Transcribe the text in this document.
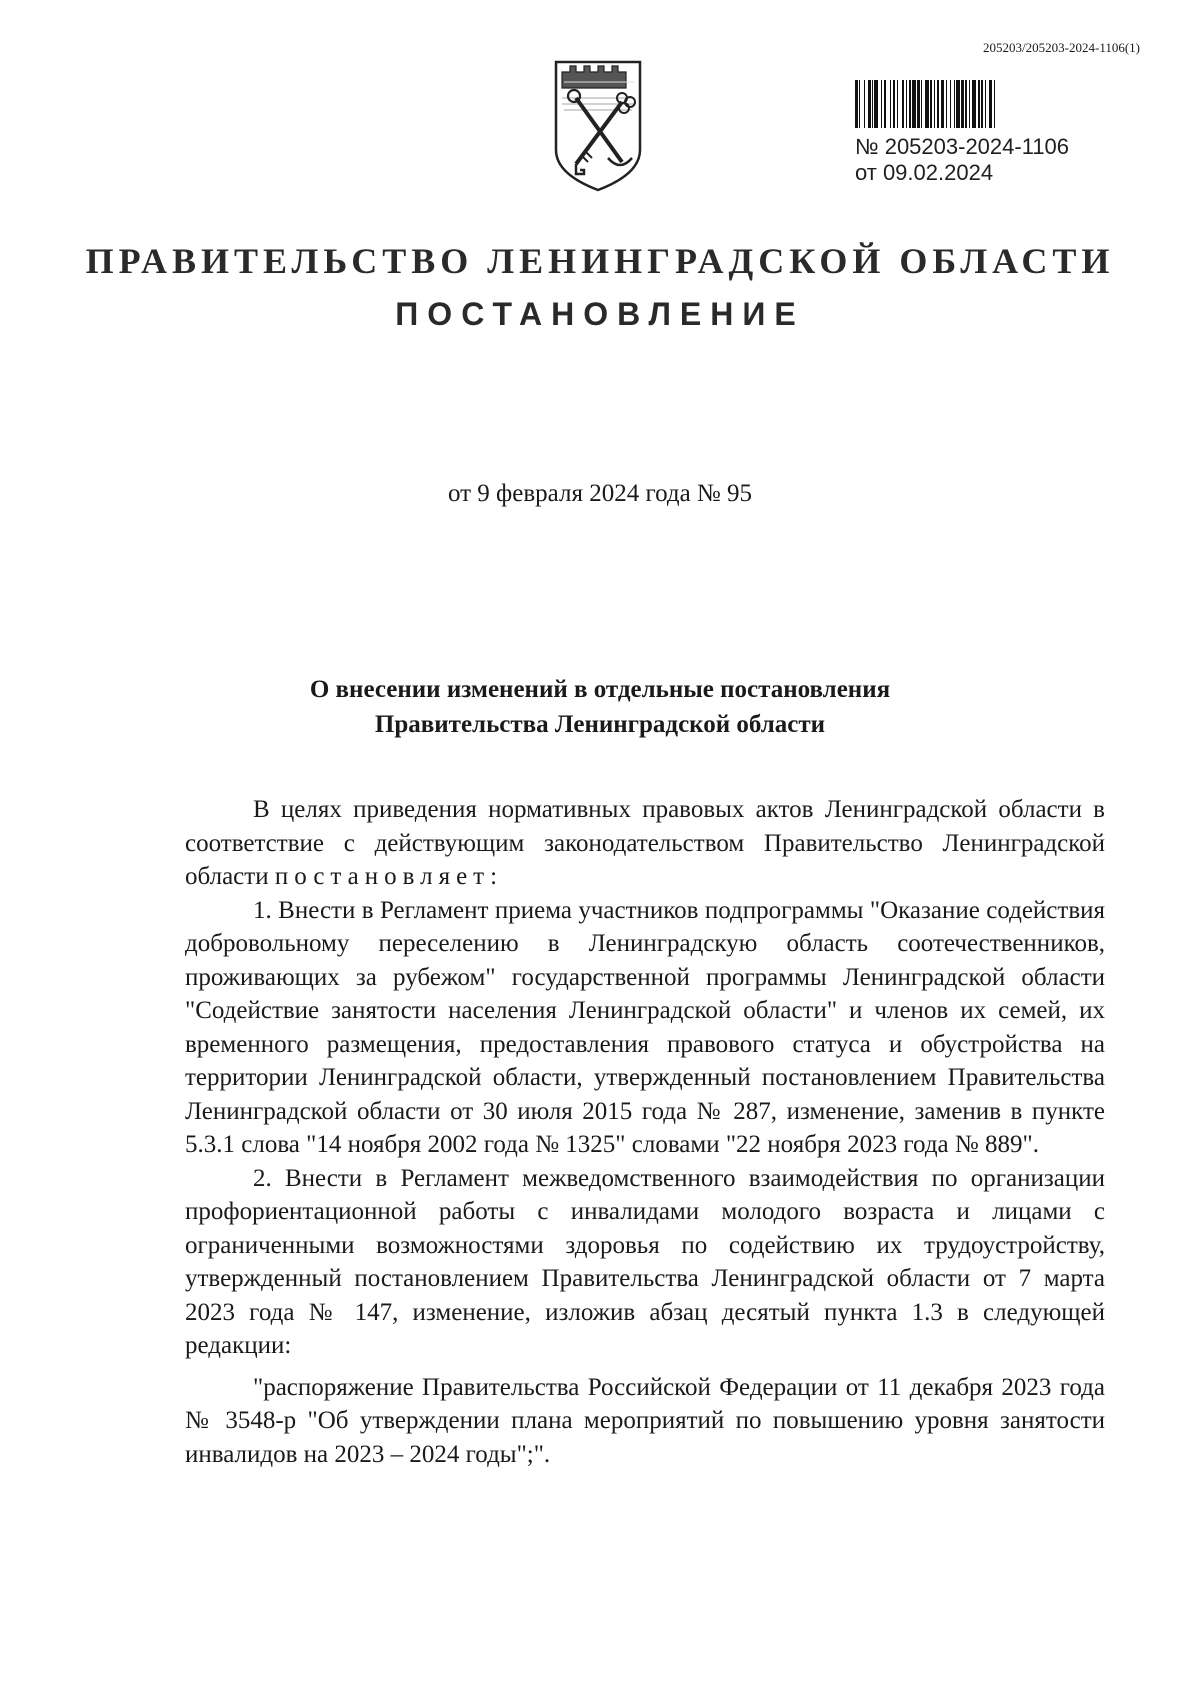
205203/205203-2024-1106(1)
№ 205203-2024-1106
от 09.02.2024
ПРАВИТЕЛЬСТВО ЛЕНИНГРАДСКОЙ ОБЛАСТИ
ПОСТАНОВЛЕНИЕ
от 9 февраля 2024 года № 95
О внесении изменений в отдельные постановления
Правительства Ленинградской области

В целях приведения нормативных правовых актов Ленинградской области в соответствие с действующим законодательством Правительство Ленинградской области постановляет:

1. Внести в Регламент приема участников подпрограммы "Оказание содействия добровольному переселению в Ленинградскую область соотечественников, проживающих за рубежом" государственной программы Ленинградской области "Содействие занятости населения Ленинградской области" и членов их семей, их временного размещения, предоставления правового статуса и обустройства на территории Ленинградской области, утвержденный постановлением Правительства Ленинградской области от 30 июля 2015 года № 287, изменение, заменив в пункте 5.3.1 слова "14 ноября 2002 года № 1325" словами "22 ноября 2023 года № 889".

2. Внести в Регламент межведомственного взаимодействия по организации профориентационной работы с инвалидами молодого возраста и лицами с ограниченными возможностями здоровья по содействию их трудоустройству, утвержденный постановлением Правительства Ленинградской области от 7 марта 2023 года № 147, изменение, изложив абзац десятый пункта 1.3 в следующей редакции:

"распоряжение Правительства Российской Федерации от 11 декабря 2023 года № 3548-р "Об утверждении плана мероприятий по повышению уровня занятости инвалидов на 2023 – 2024 годы";".
